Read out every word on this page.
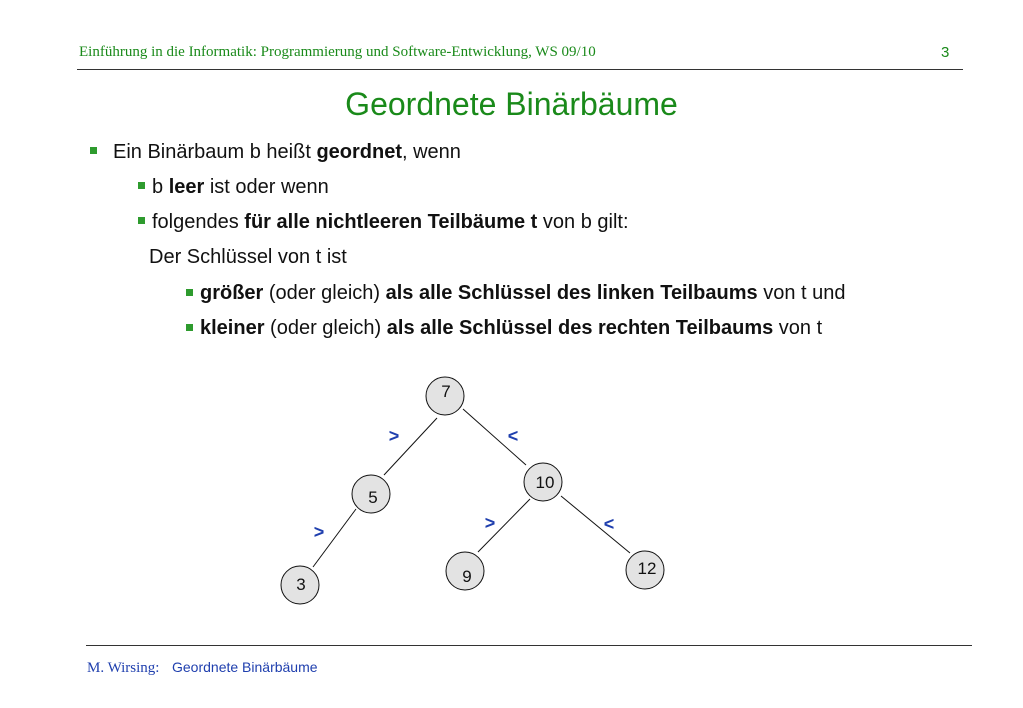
Einführung in die Informatik: Programmierung und Software-Entwicklung, WS 09/10	3
Geordnete Binärbäume
Ein Binärbaum b heißt geordnet, wenn
b leer ist oder wenn
folgendes für alle nichtleeren Teilbäume t von b gilt:
Der Schlüssel von t ist
größer (oder gleich) als alle Schlüssel des linken Teilbaums von t und
kleiner (oder gleich) als alle Schlüssel des rechten Teilbaums von t
7
5
10
3	9	12
>	<
>	>	<
M. Wirsing: Geordnete Binärbäume
